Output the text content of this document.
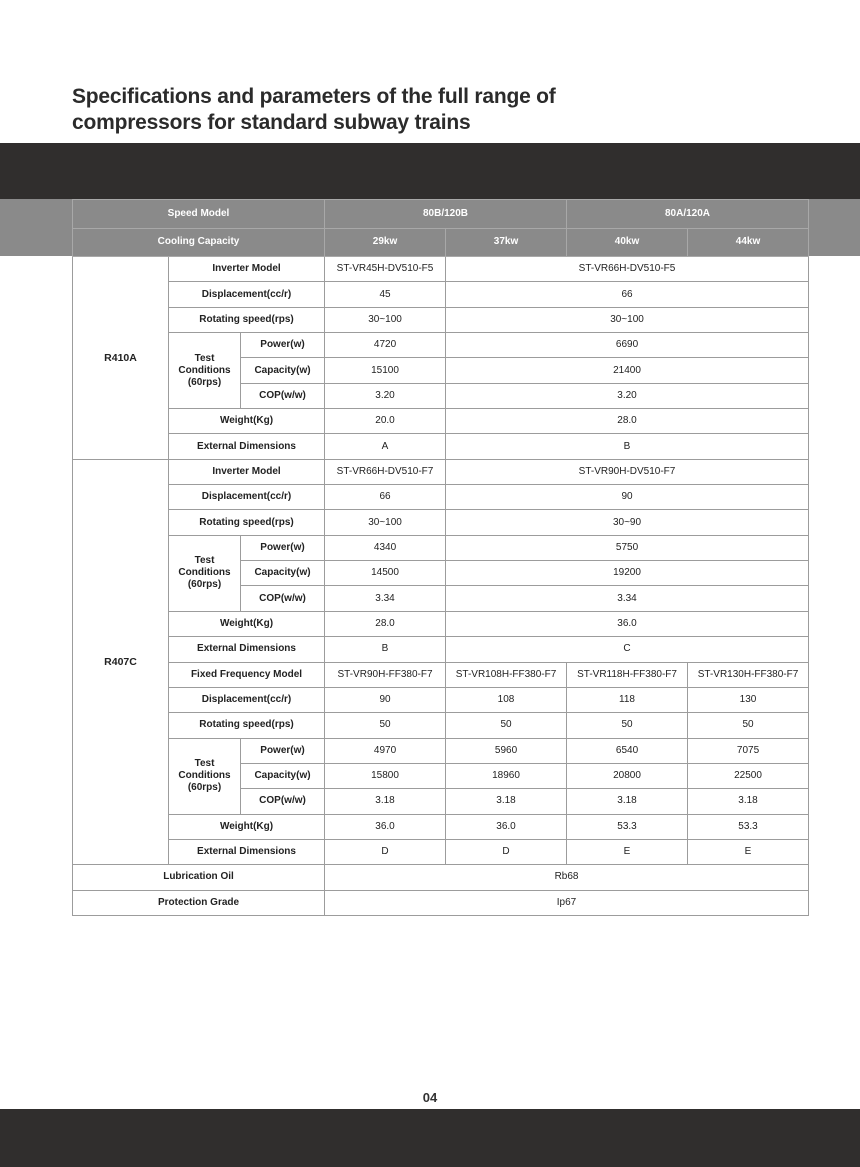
Specifications and parameters of the full range of
compressors for standard subway trains
Speed Model			80B/120B		80A/120A	
Cooling Capacity			29kw	37kw	40kw	44kw
R410A	Inverter Model		ST-VR45H-DV510-F5	ST-VR66H-DV510-F5		
	Displacement(cc/r)		45	66		
	Rotating speed(rps)		30~100	30~100		
	Test Conditions (60rps)	Power(w)	4720	6690		
		Capacity(w)	15100	21400		
		COP(w/w)	3.20	3.20		
	Weight(Kg)		20.0	28.0		
	External Dimensions		A	B		
R407C	Inverter Model		ST-VR66H-DV510-F7	ST-VR90H-DV510-F7		
	Displacement(cc/r)		66	90		
	Rotating speed(rps)		30~100	30~90		
	Test Conditions (60rps)	Power(w)	4340	5750		
		Capacity(w)	14500	19200		
		COP(w/w)	3.34	3.34		
	Weight(Kg)		28.0	36.0		
	External Dimensions		B	C		
	Fixed Frequency Model		ST-VR90H-FF380-F7	ST-VR108H-FF380-F7	ST-VR118H-FF380-F7	ST-VR130H-FF380-F7
	Displacement(cc/r)		90	108	118	130
	Rotating speed(rps)		50	50	50	50
	Test Conditions (60rps)	Power(w)	4970	5960	6540	7075
		Capacity(w)	15800	18960	20800	22500
		COP(w/w)	3.18	3.18	3.18	3.18
	Weight(Kg)		36.0	36.0	53.3	53.3
	External Dimensions		D	D	E	E
Lubrication Oil			Rb68			
Protection Grade			Ip67			
04
